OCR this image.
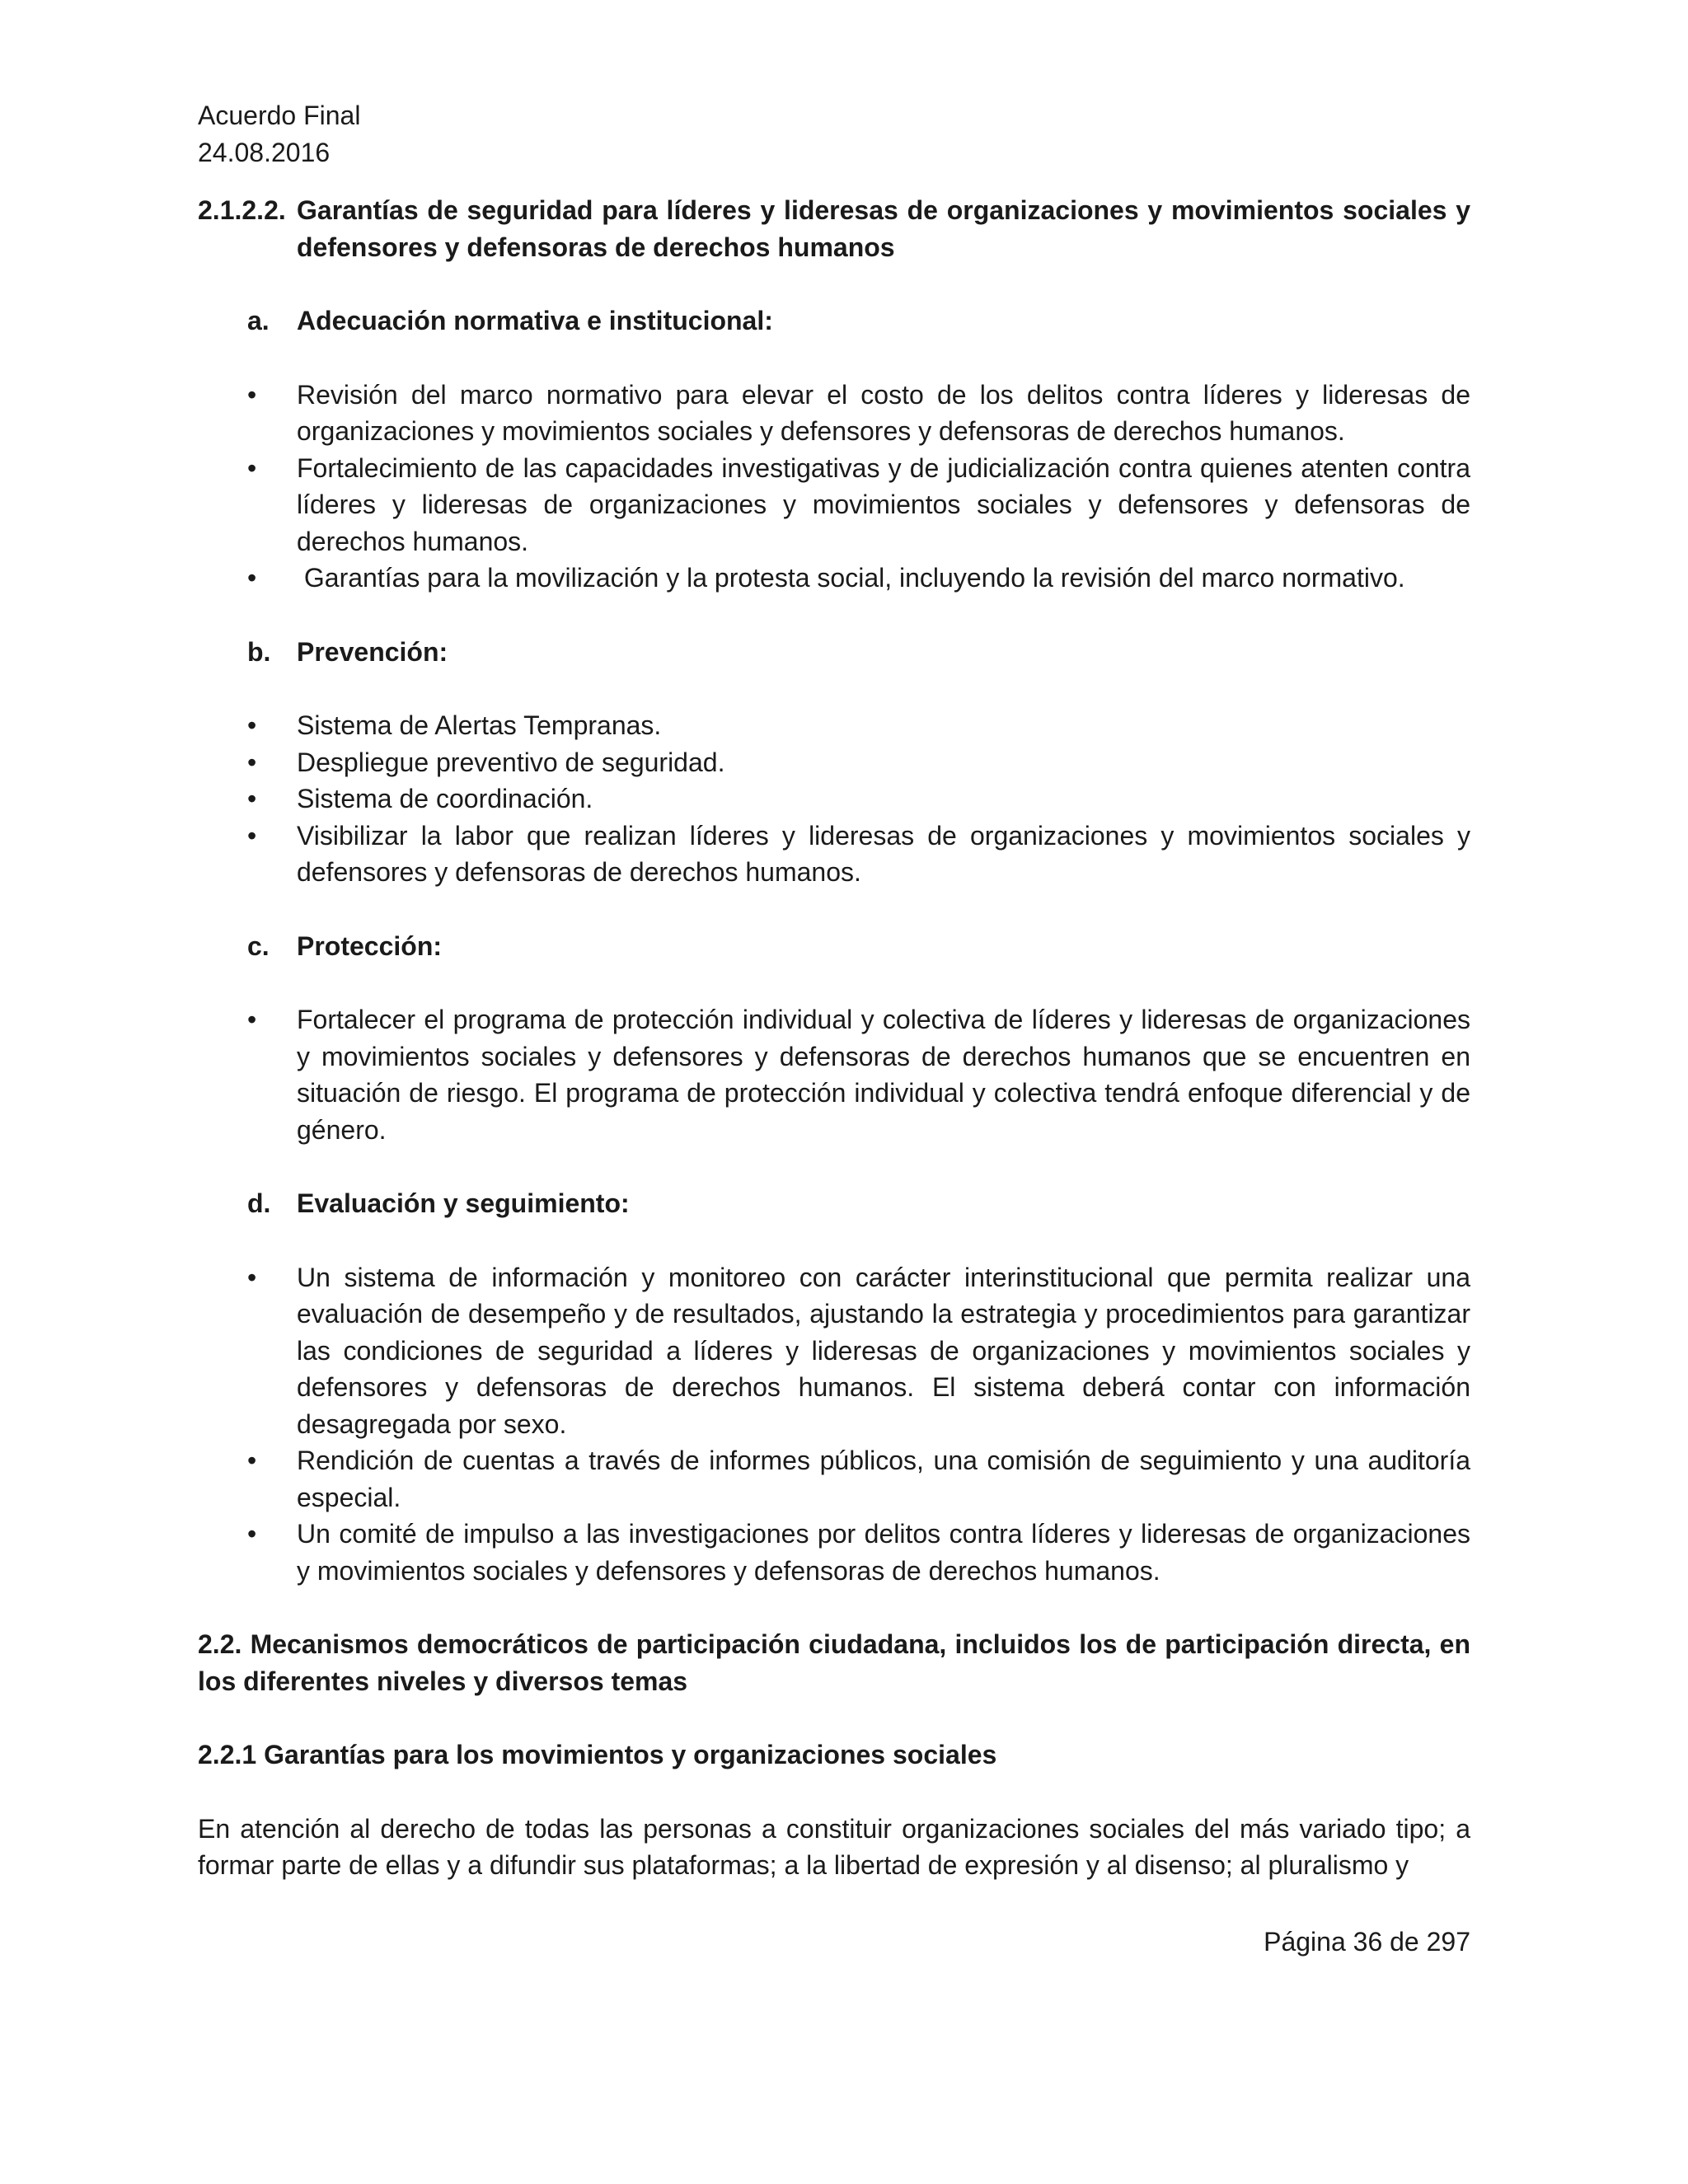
Acuerdo Final
24.08.2016
2.1.2.2. Garantías de seguridad para líderes y lideresas de organizaciones y movimientos sociales y defensores y defensoras de derechos humanos
a.	Adecuación normativa e institucional:
•	Revisión del marco normativo para elevar el costo de los delitos contra líderes y lideresas de organizaciones y movimientos sociales y defensores y defensoras de derechos humanos.
•	Fortalecimiento de las capacidades investigativas y de judicialización contra quienes atenten contra líderes y lideresas de organizaciones y movimientos sociales y defensores y defensoras de derechos humanos.
•	Garantías para la movilización y la protesta social, incluyendo la revisión del marco normativo.
b. Prevención:
•	Sistema de Alertas Tempranas.
•	Despliegue preventivo de seguridad.
•	Sistema de coordinación.
•	Visibilizar la labor que realizan líderes y lideresas de organizaciones y movimientos sociales y defensores y defensoras de derechos humanos.
c.	Protección:
•	Fortalecer el programa de protección individual y colectiva de líderes y lideresas de organizaciones y movimientos sociales y defensores y defensoras de derechos humanos que se encuentren en situación de riesgo. El programa de protección individual y colectiva tendrá enfoque diferencial y de género.
d. Evaluación y seguimiento:
•	Un sistema de información y monitoreo con carácter interinstitucional que permita realizar una evaluación de desempeño y de resultados, ajustando la estrategia y procedimientos para garantizar las condiciones de seguridad a líderes y lideresas de organizaciones y movimientos sociales y defensores y defensoras de derechos humanos. El sistema deberá contar con información desagregada por sexo.
•	Rendición de cuentas a través de informes públicos, una comisión de seguimiento y una auditoría especial.
•	Un comité de impulso a las investigaciones por delitos contra líderes y lideresas de organizaciones y movimientos sociales y defensores y defensoras de derechos humanos.
2.2. Mecanismos democráticos de participación ciudadana, incluidos los de participación directa, en los diferentes niveles y diversos temas
2.2.1 Garantías para los movimientos y organizaciones sociales
En atención al derecho de todas las personas a constituir organizaciones sociales del más variado tipo; a formar parte de ellas y a difundir sus plataformas; a la libertad de expresión y al disenso; al pluralismo y
Página 36 de 297
